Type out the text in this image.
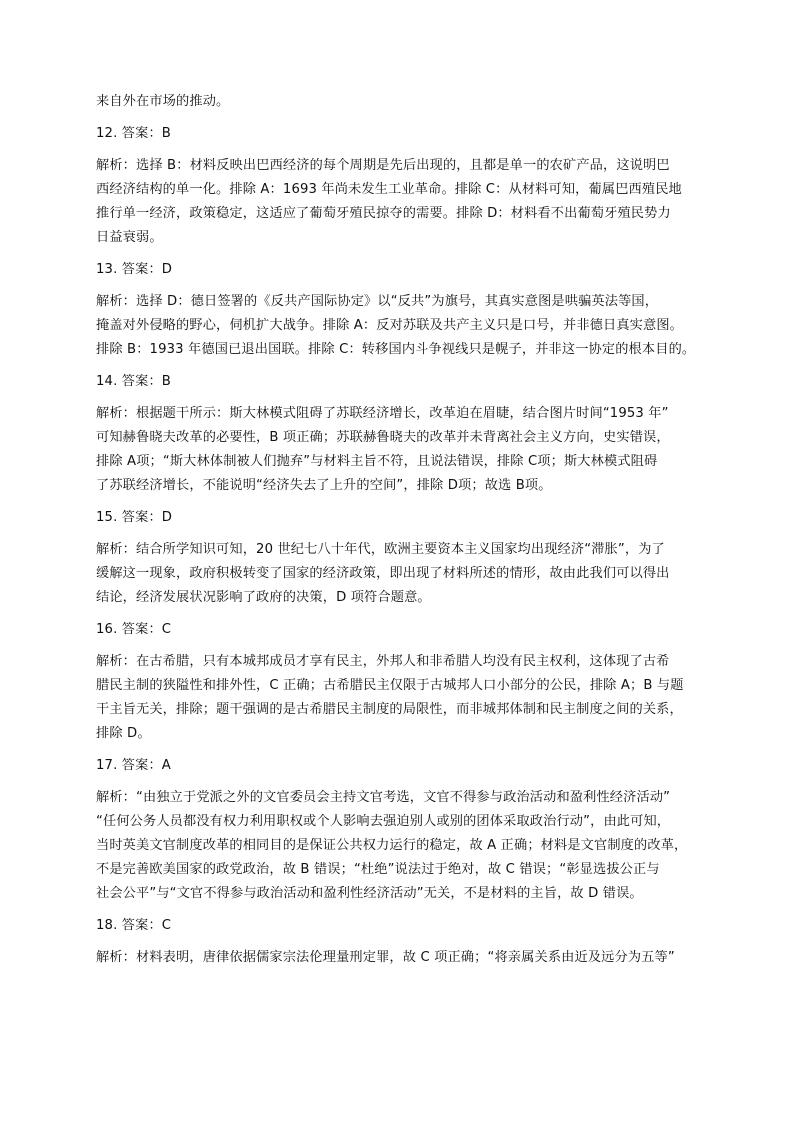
来自外在市场的推动。
12. 答案：B
解析：选择 B：材料反映出巴西经济的每个周期是先后出现的，且都是单一的农矿产品，这说明巴
西经济结构的单一化。排除 A：1693 年尚未发生工业革命。排除 C：从材料可知，葡属巴西殖民地
推行单一经济，政策稳定，这适应了葡萄牙殖民掠夺的需要。排除 D：材料看不出葡萄牙殖民势力
日益衰弱。
13. 答案：D
解析：选择 D：德日签署的《反共产国际协定》以“反共”为旗号，其真实意图是哄骗英法等国，
掩盖对外侵略的野心，伺机扩大战争。排除 A：反对苏联及共产主义只是口号，并非德日真实意图。
排除 B：1933 年德国已退出国联。排除 C：转移国内斗争视线只是幌子，并非这一协定的根本目的。
14. 答案：B
解析：根据题干所示：斯大林模式阻碍了苏联经济增长，改革迫在眉睫，结合图片时间“1953 年”
可知赫鲁晓夫改革的必要性，B 项正确；苏联赫鲁晓夫的改革并未背离社会主义方向，史实错误，
排除 A项；“斯大林体制被人们抛弃”与材料主旨不符，且说法错误，排除 C项；斯大林模式阻碍
了苏联经济增长，不能说明“经济失去了上升的空间”，排除 D项；故选 B项。
15. 答案：D
解析：结合所学知识可知，20 世纪七八十年代，欧洲主要资本主义国家均出现经济“滞胀”，为了
缓解这一现象，政府积极转变了国家的经济政策，即出现了材料所述的情形，故由此我们可以得出
结论，经济发展状况影响了政府的决策，D 项符合题意。
16. 答案：C
解析：在古希腊，只有本城邦成员才享有民主，外邦人和非希腊人均没有民主权利，这体现了古希
腊民主制的狭隘性和排外性，C 正确；古希腊民主仅限于古城邦人口小部分的公民，排除 A；B 与题
干主旨无关，排除；题干强调的是古希腊民主制度的局限性，而非城邦体制和民主制度之间的关系，
排除 D。
17. 答案：A
解析：“由独立于党派之外的文官委员会主持文官考选，文官不得参与政治活动和盈利性经济活动”
“任何公务人员都没有权力利用职权或个人影响去强迫别人或别的团体采取政治行动”，由此可知，
当时英美文官制度改革的相同目的是保证公共权力运行的稳定，故 A 正确；材料是文官制度的改革，
不是完善欧美国家的政党政治，故 B 错误；“杜绝”说法过于绝对，故 C 错误；“彰显选拔公正与
社会公平”与“文官不得参与政治活动和盈利性经济活动”无关，不是材料的主旨，故 D 错误。
18. 答案：C
解析：材料表明，唐律依据儒家宗法伦理量刑定罪，故 C 项正确；“将亲属关系由近及远分为五等”
